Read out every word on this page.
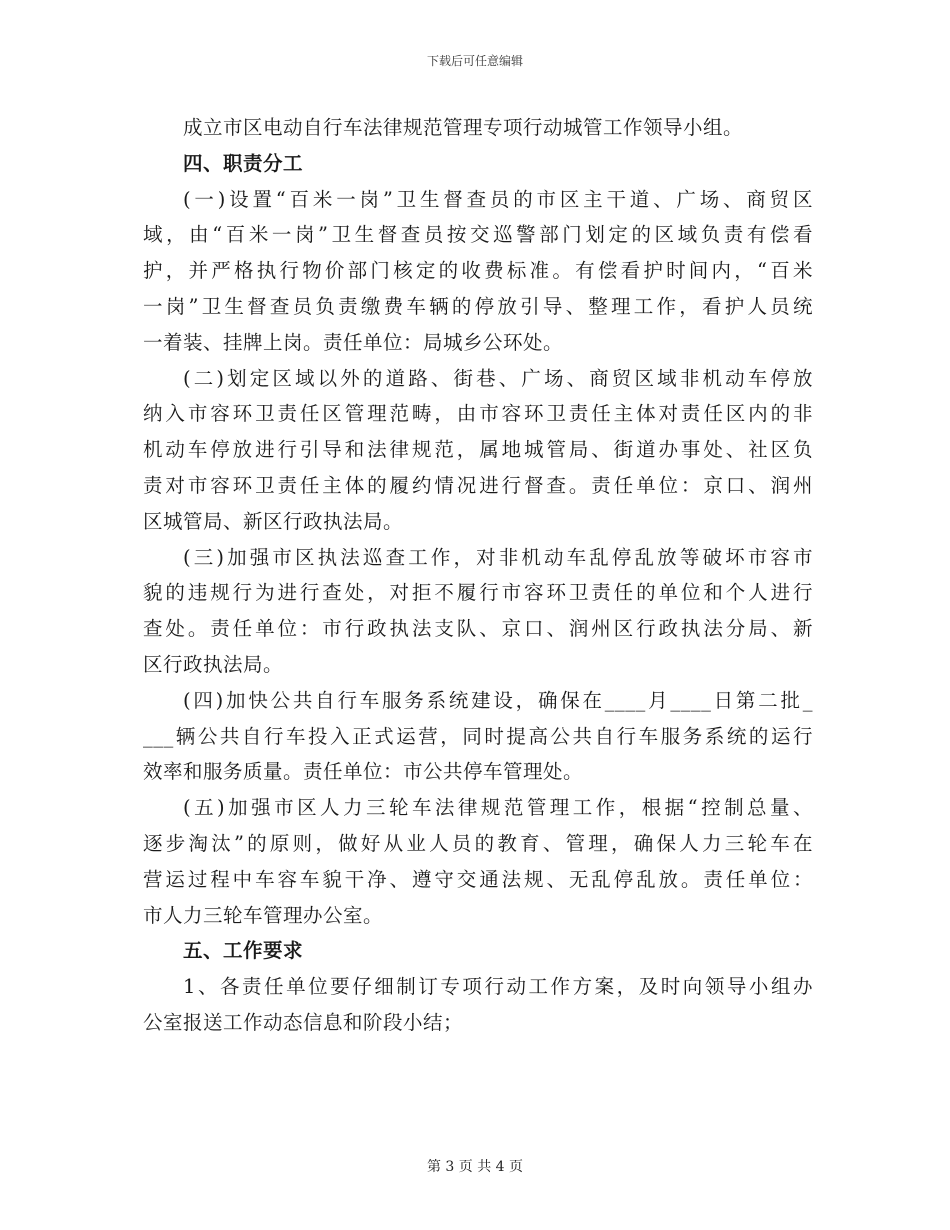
下载后可任意编辑
成立市区电动自行车法律规范管理专项行动城管工作领导小组。
四、职责分工
(一)设置“百米一岗”卫生督查员的市区主干道、广场、商贸区
域，由“百米一岗”卫生督查员按交巡警部门划定的区域负责有偿看
护，并严格执行物价部门核定的收费标准。有偿看护时间内，“百米
一岗”卫生督查员负责缴费车辆的停放引导、整理工作，看护人员统
一着装、挂牌上岗。责任单位：局城乡公环处。
(二)划定区域以外的道路、街巷、广场、商贸区域非机动车停放
纳入市容环卫责任区管理范畴，由市容环卫责任主体对责任区内的非
机动车停放进行引导和法律规范，属地城管局、街道办事处、社区负
责对市容环卫责任主体的履约情况进行督查。责任单位：京口、润州
区城管局、新区行政执法局。
(三)加强市区执法巡查工作，对非机动车乱停乱放等破坏市容市
貌的违规行为进行查处，对拒不履行市容环卫责任的单位和个人进行
查处。责任单位：市行政执法支队、京口、润州区行政执法分局、新
区行政执法局。
(四)加快公共自行车服务系统建设，确保在____月____日第二批_
___辆公共自行车投入正式运营，同时提高公共自行车服务系统的运行
效率和服务质量。责任单位：市公共停车管理处。
(五)加强市区人力三轮车法律规范管理工作，根据“控制总量、
逐步淘汰”的原则，做好从业人员的教育、管理，确保人力三轮车在
营运过程中车容车貌干净、遵守交通法规、无乱停乱放。责任单位：
市人力三轮车管理办公室。
五、工作要求
1、各责任单位要仔细制订专项行动工作方案，及时向领导小组办
公室报送工作动态信息和阶段小结；
第 3 页 共 4 页
